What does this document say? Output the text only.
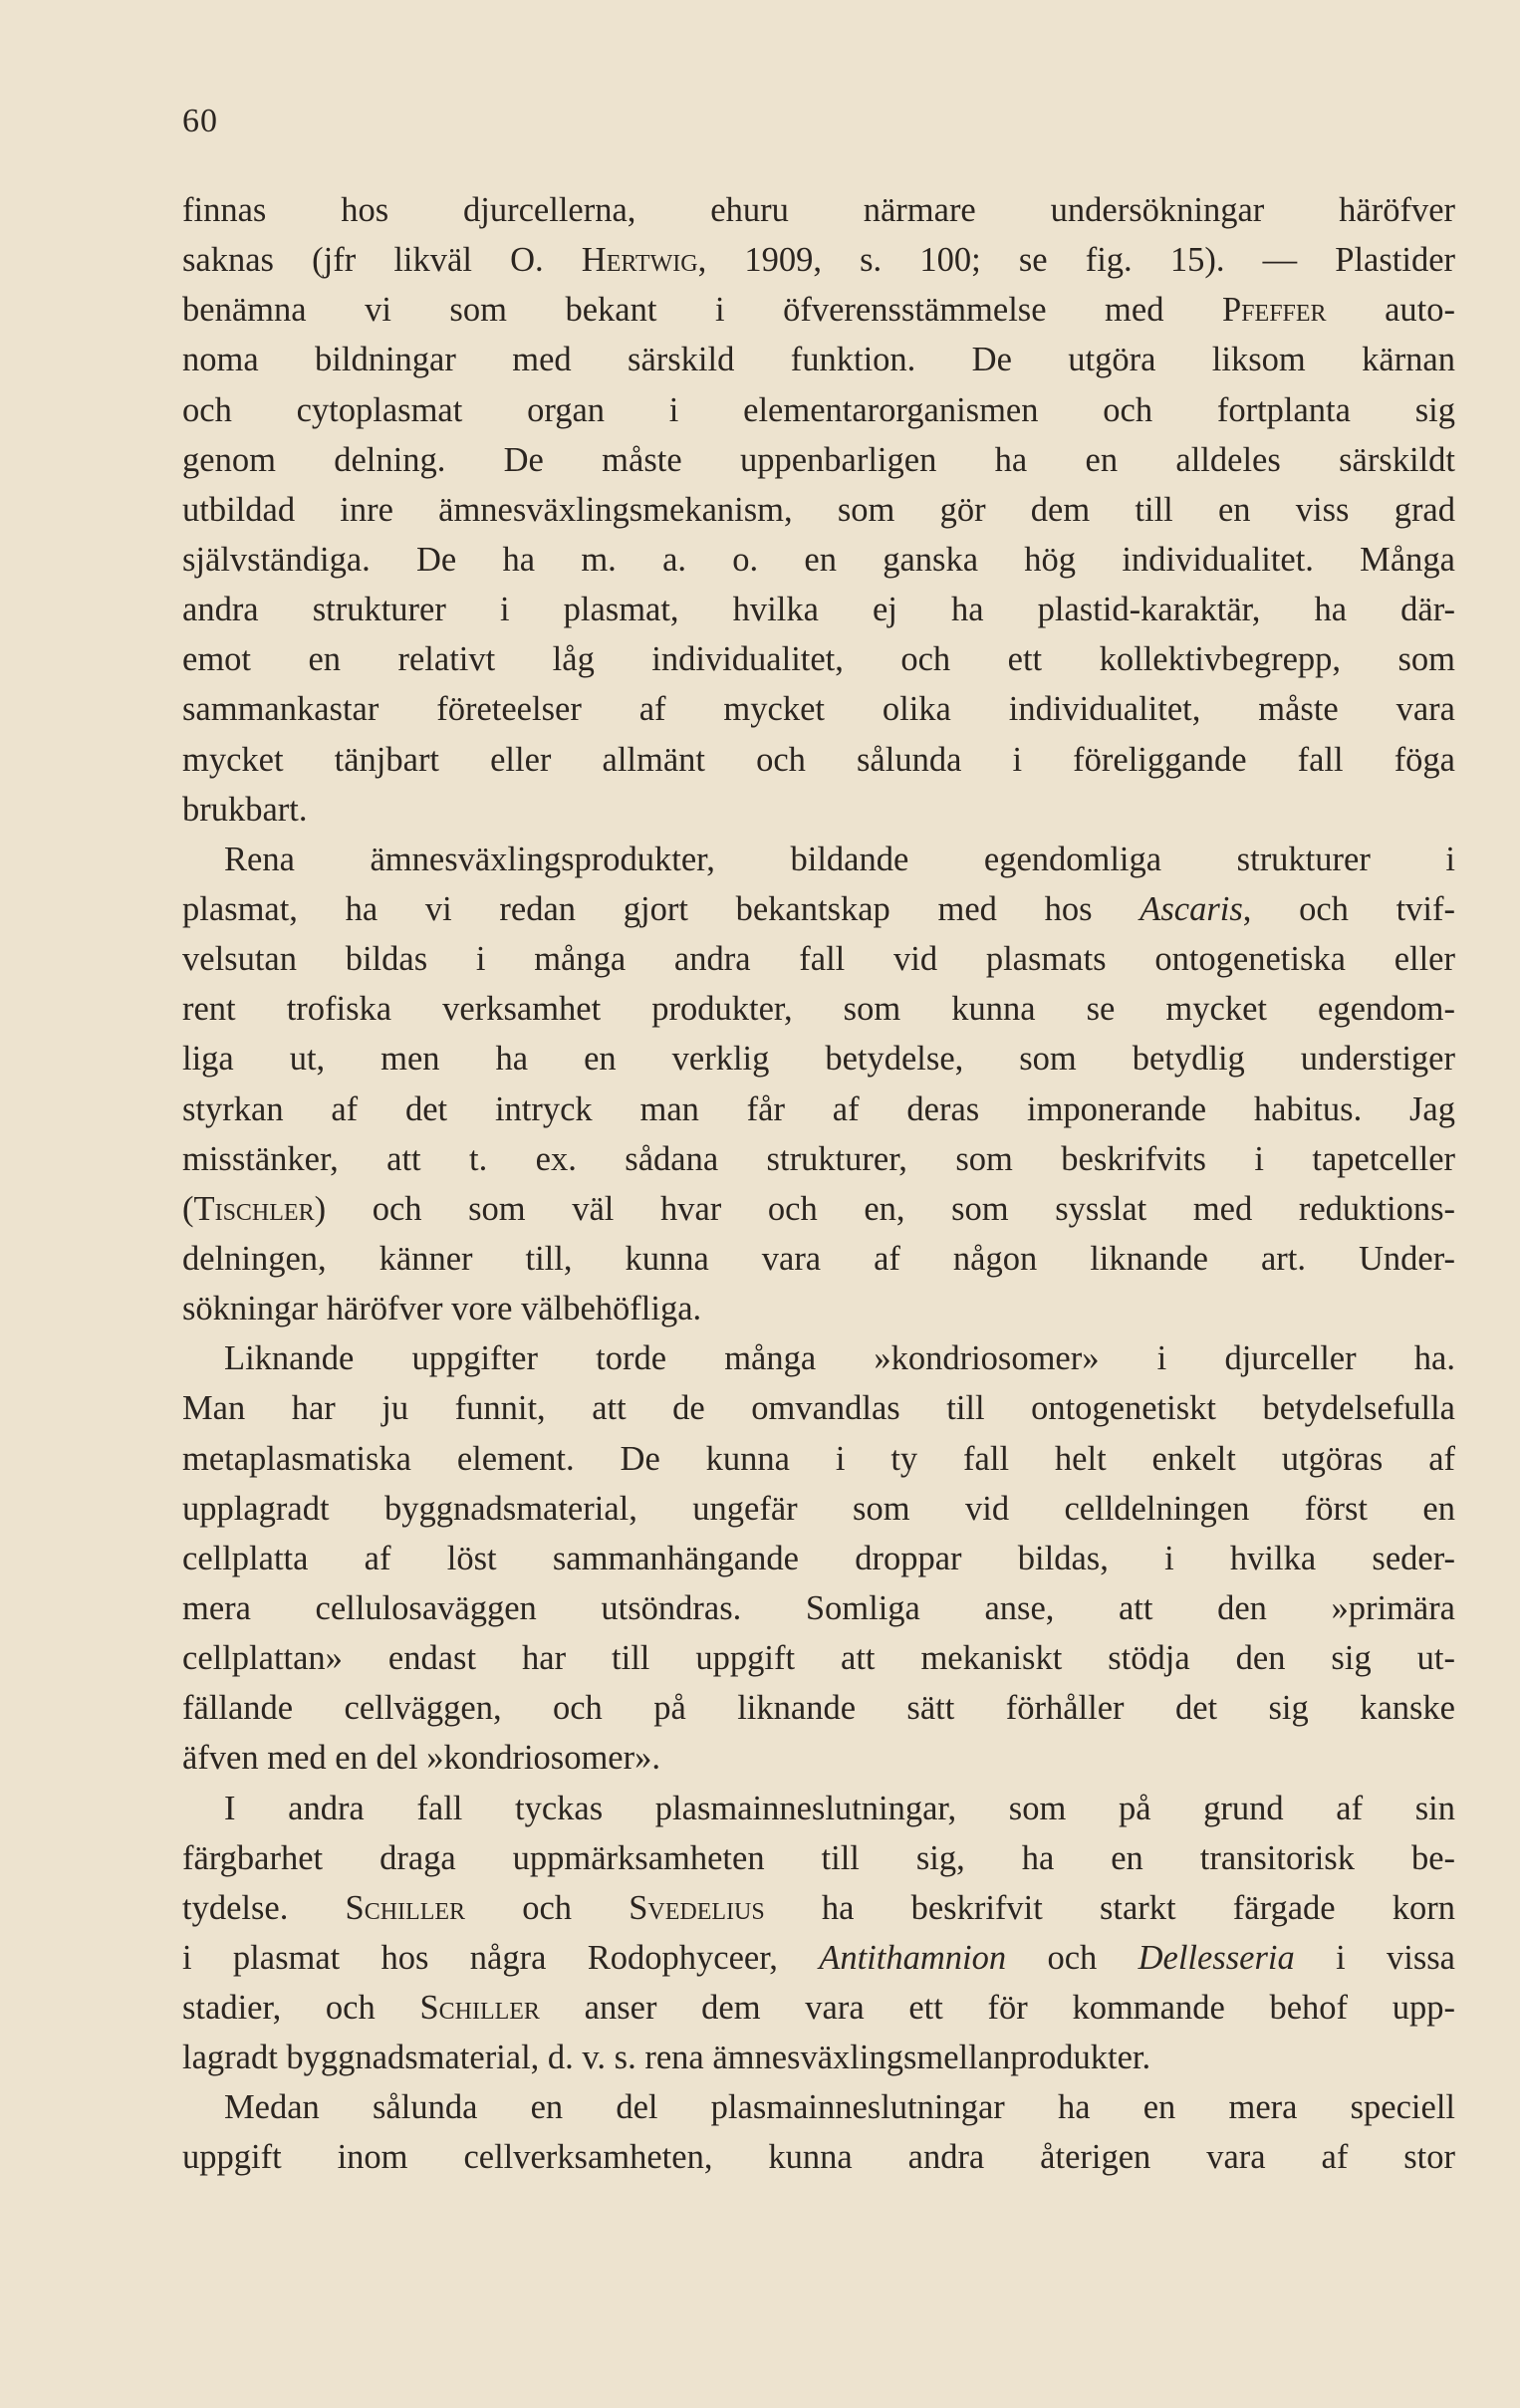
60
finnas hos djurcellerna, ehuru närmare undersökningar häröfver
saknas (jfr likväl O. Hertwig, 1909, s. 100; se fig. 15). — Plastider
benämna vi som bekant i öfverensstämmelse med Pfeffer auto-
noma bildningar med särskild funktion. De utgöra liksom kärnan
och cytoplasmat organ i elementarorganismen och fortplanta sig
genom delning. De måste uppenbarligen ha en alldeles särskildt
utbildad inre ämnesväxlingsmekanism, som gör dem till en viss grad
självständiga. De ha m. a. o. en ganska hög individualitet. Många
andra strukturer i plasmat, hvilka ej ha plastid-karaktär, ha där-
emot en relativt låg individualitet, och ett kollektivbegrepp, som
sammankastar företeelser af mycket olika individualitet, måste vara
mycket tänjbart eller allmänt och sålunda i föreliggande fall föga
brukbart.
Rena ämnesväxlingsprodukter, bildande egendomliga strukturer i
plasmat, ha vi redan gjort bekantskap med hos Ascaris, och tvif-
velsutan bildas i många andra fall vid plasmats ontogenetiska eller
rent trofiska verksamhet produkter, som kunna se mycket egendom-
liga ut, men ha en verklig betydelse, som betydlig understiger
styrkan af det intryck man får af deras imponerande habitus. Jag
misstänker, att t. ex. sådana strukturer, som beskrifvits i tapetceller
(Tischler) och som väl hvar och en, som sysslat med reduktions-
delningen, känner till, kunna vara af någon liknande art. Under-
sökningar häröfver vore välbehöfliga.
Liknande uppgifter torde många »kondriosomer» i djurceller ha.
Man har ju funnit, att de omvandlas till ontogenetiskt betydelsefulla
metaplasmatiska element. De kunna i ty fall helt enkelt utgöras af
upplagradt byggnadsmaterial, ungefär som vid celldelningen först en
cellplatta af löst sammanhängande droppar bildas, i hvilka seder-
mera cellulosaväggen utsöndras. Somliga anse, att den »primära
cellplattan» endast har till uppgift att mekaniskt stödja den sig ut-
fällande cellväggen, och på liknande sätt förhåller det sig kanske
äfven med en del »kondriosomer».
I andra fall tyckas plasmainneslutningar, som på grund af sin
färgbarhet draga uppmärksamheten till sig, ha en transitorisk be-
tydelse. Schiller och Svedelius ha beskrifvit starkt färgade korn
i plasmat hos några Rodophyceer, Antithamnion och Dellesseria i vissa
stadier, och Schiller anser dem vara ett för kommande behof upp-
lagradt byggnadsmaterial, d. v. s. rena ämnesväxlingsmellanprodukter.
Medan sålunda en del plasmainneslutningar ha en mera speciell
uppgift inom cellverksamheten, kunna andra återigen vara af stor
